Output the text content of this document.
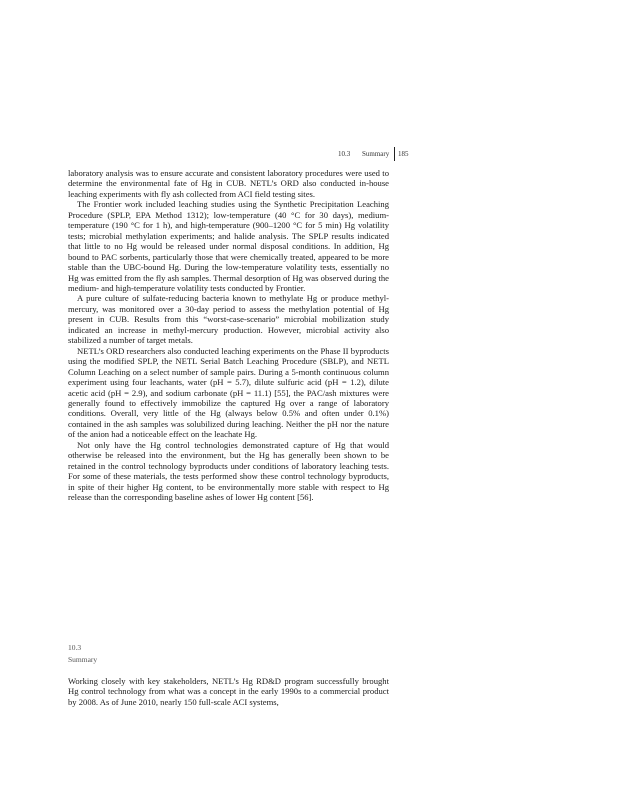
10.3 Summary 185

laboratory analysis was to ensure accurate and consistent laboratory procedures were used to determine the environmental fate of Hg in CUB. NETL’s ORD also conducted in-house leaching experiments with fly ash collected from ACI field testing sites.

The Frontier work included leaching studies using the Synthetic Precipitation Leaching Procedure (SPLP, EPA Method 1312); low-temperature (40 °C for 30 days), medium-temperature (190 °C for 1 h), and high-temperature (900–1200 °C for 5 min) Hg volatility tests; microbial methylation experiments; and halide analysis. The SPLP results indicated that little to no Hg would be released under normal disposal conditions. In addition, Hg bound to PAC sorbents, particularly those that were chemically treated, appeared to be more stable than the UBC-bound Hg. During the low-temperature volatility tests, essentially no Hg was emitted from the fly ash samples. Thermal desorption of Hg was observed during the medium- and high-temperature volatility tests conducted by Frontier.

A pure culture of sulfate-reducing bacteria known to methylate Hg or produce methyl-mercury, was monitored over a 30-day period to assess the methylation potential of Hg present in CUB. Results from this “worst-case-scenario” microbial mobilization study indicated an increase in methyl-mercury production. However, microbial activity also stabilized a number of target metals.

NETL’s ORD researchers also conducted leaching experiments on the Phase II byproducts using the modified SPLP, the NETL Serial Batch Leaching Procedure (SBLP), and NETL Column Leaching on a select number of sample pairs. During a 5-month continuous column experiment using four leachants, water (pH = 5.7), dilute sulfuric acid (pH = 1.2), dilute acetic acid (pH = 2.9), and sodium carbonate (pH = 11.1) [55], the PAC/ash mixtures were generally found to effectively immobilize the captured Hg over a range of laboratory conditions. Overall, very little of the Hg (always below 0.5% and often under 0.1%) contained in the ash samples was solubilized during leaching. Neither the pH nor the nature of the anion had a noticeable effect on the leachate Hg.

Not only have the Hg control technologies demonstrated capture of Hg that would otherwise be released into the environment, but the Hg has generally been shown to be retained in the control technology byproducts under conditions of laboratory leaching tests. For some of these materials, the tests performed show these control technology byproducts, in spite of their higher Hg content, to be environmentally more stable with respect to Hg release than the corresponding baseline ashes of lower Hg content [56].

10.3
Summary

Working closely with key stakeholders, NETL’s Hg RD&D program successfully brought Hg control technology from what was a concept in the early 1990s to a commercial product by 2008. As of June 2010, nearly 150 full-scale ACI systems,
